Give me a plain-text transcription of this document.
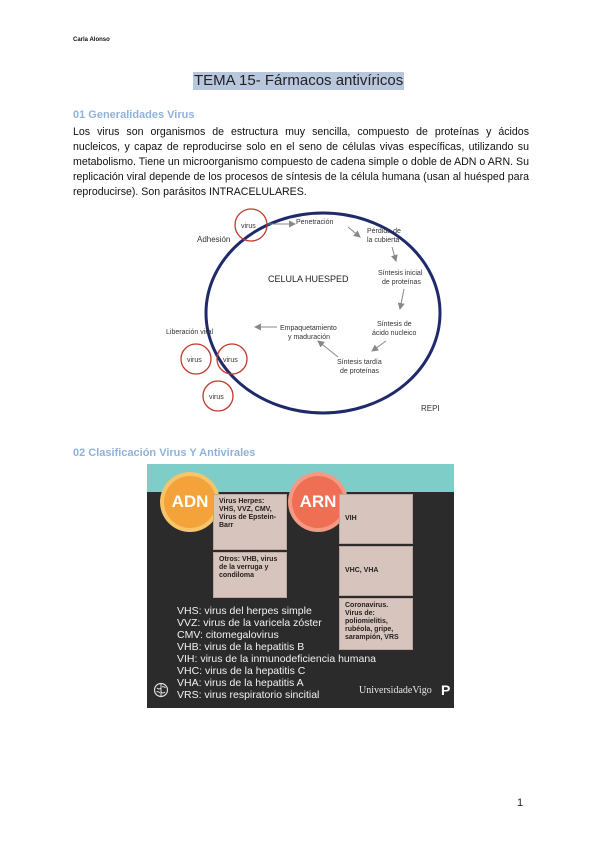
Carla Alonso
TEMA 15- Fármacos antivíricos
01 Generalidades Virus
Los virus son organismos de estructura muy sencilla, compuesto de proteínas y ácidos nucleicos, y capaz de reproducirse solo en el seno de células vivas específicas, utilizando su metabolismo. Tiene un microorganismo compuesto de cadena simple o doble de ADN o ARN. Su replicación viral depende de los procesos de síntesis de la célula humana (usan al huésped para reproducirse). Son parásitos INTRACELULARES.
CELULA HUESPED
virus
Adhesión
Penetración
Pérdida de
la cubierta
Síntesis inicial
de proteínas
Síntesis de
ácido nucleico
Síntesis tardía
de proteínas
Empaquetamiento
y maduración
Liberación viral
virus	virus
virus
REPI
02 Clasificación Virus Y Antivirales
ADN	ARN
Virus Herpes: VHS, VVZ, CMV, Virus de Epstein-Barr
Otros: VHB, virus de la verruga y condiloma
VIH
VHC, VHA
Coronavirus. Virus de: poliomielitis, rubéola, gripe, sarampión, VRS
VHS: virus del herpes simple
VVZ: virus de la varicela zóster
CMV: citomegalovirus
VHB: virus de la hepatitis B
VIH: virus de la inmunodeficiencia humana
VHC: virus de la hepatitis C
VHA: virus de la hepatitis A
VRS: virus respiratorio sincitial	UniversidadeVigo P
1
